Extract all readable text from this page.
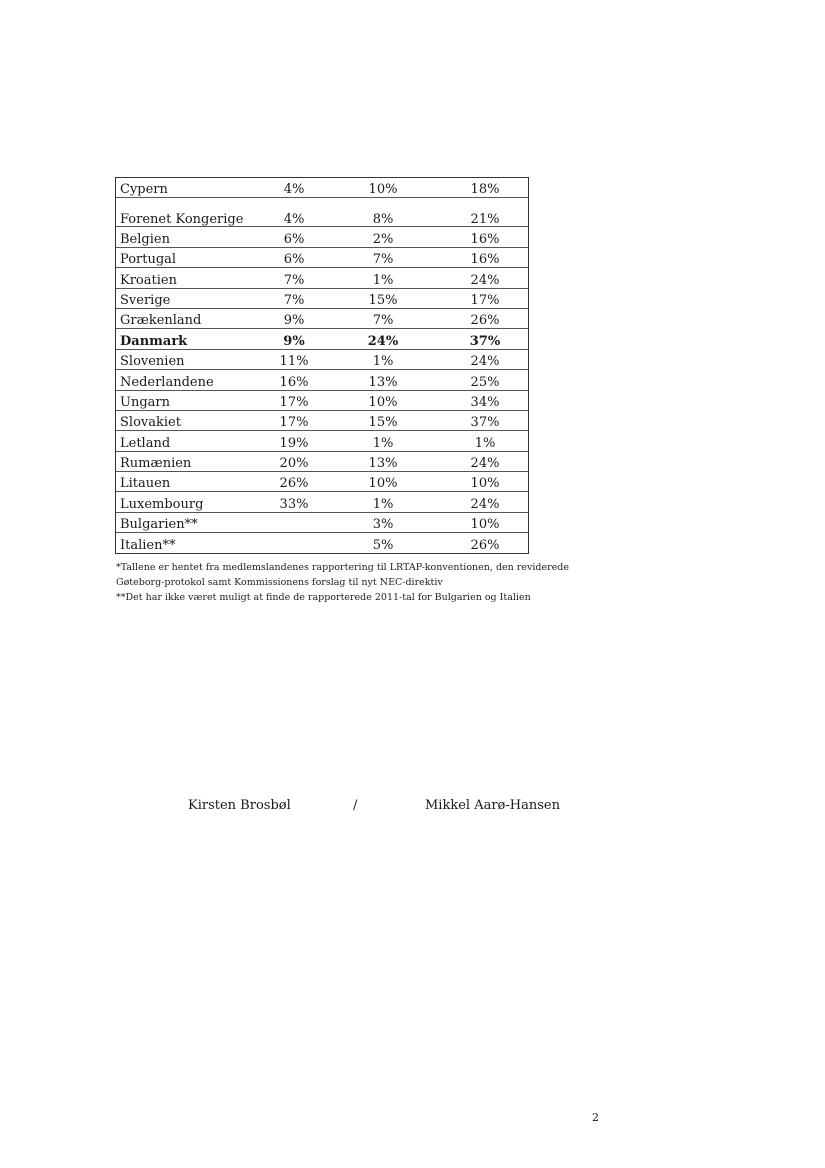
Cypern	4%	10%	18%
Forenet Kongerige	4%	8%	21%
Belgien	6%	2%	16%
Portugal	6%	7%	16%
Kroatien	7%	1%	24%
Sverige	7%	15%	17%
Grækenland	9%	7%	26%
Danmark	9%	24%	37%
Slovenien	11%	1%	24%
Nederlandene	16%	13%	25%
Ungarn	17%	10%	34%
Slovakiet	17%	15%	37%
Letland	19%	1%	1%
Rumænien	20%	13%	24%
Litauen	26%	10%	10%
Luxembourg	33%	1%	24%
Bulgarien**		3%	10%
Italien**		5%	26%

*Tallene er hentet fra medlemslandenes rapportering til LRTAP-konventionen, den reviderede

Gøteborg-protokol samt Kommissionens forslag til nyt NEC-direktiv

**Det har ikke været muligt at finde de rapporterede 2011-tal for Bulgarien og Italien

Kirsten Brosbøl	/	Mikkel Aarø-Hansen
2
